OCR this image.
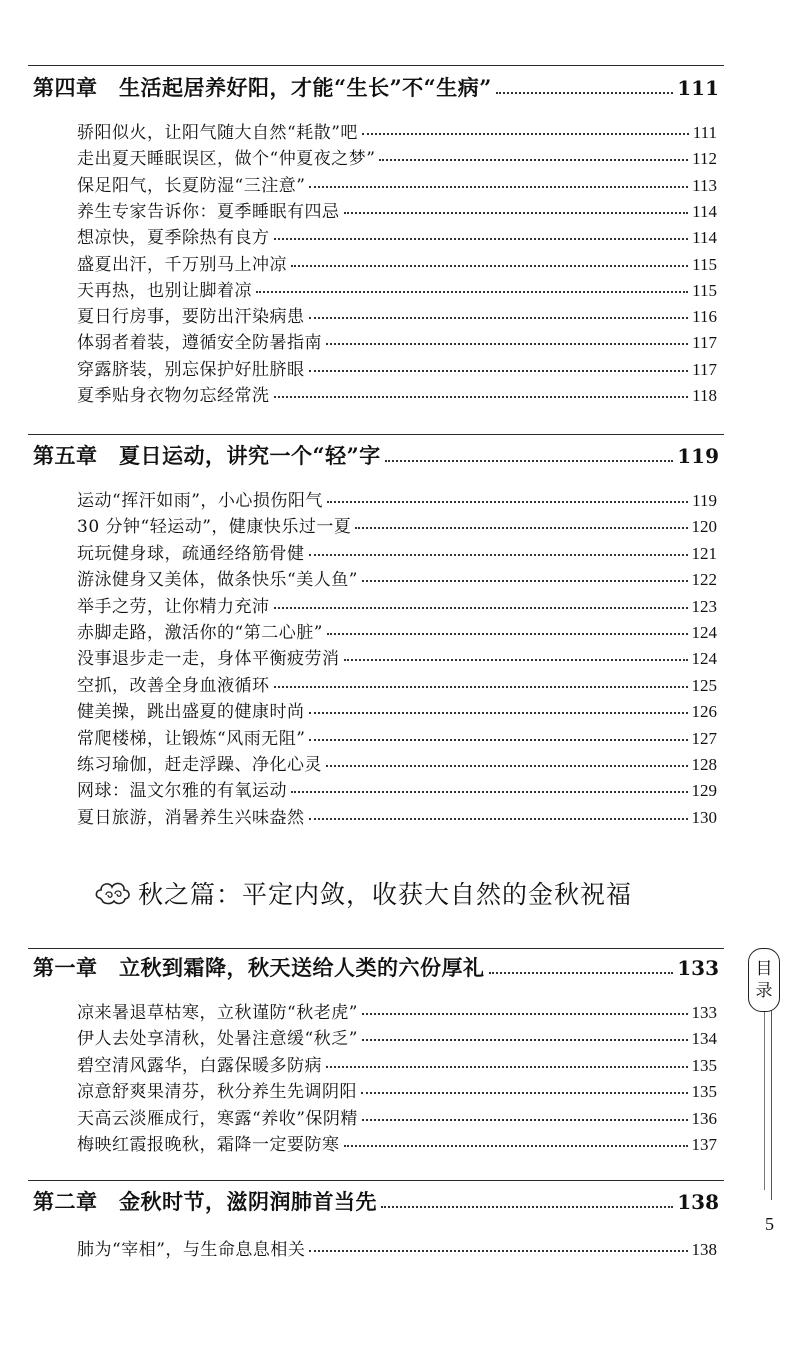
第四章　生活起居养好阳，才能“生长”不“生病”	111
骄阳似火，让阳气随大自然“耗散”吧	111
走出夏天睡眠误区，做个“仲夏夜之梦”	112
保足阳气，长夏防湿“三注意”	113
养生专家告诉你：夏季睡眠有四忌	114
想凉快，夏季除热有良方	114
盛夏出汗，千万别马上冲凉	115
天再热，也别让脚着凉	115
夏日行房事，要防出汗染病患	116
体弱者着装，遵循安全防暑指南	117
穿露脐装，别忘保护好肚脐眼	117
夏季贴身衣物勿忘经常洗	118
第五章　夏日运动，讲究一个“轻”字	119
运动“挥汗如雨”，小心损伤阳气	119
30 分钟“轻运动”，健康快乐过一夏	120
玩玩健身球，疏通经络筋骨健	121
游泳健身又美体，做条快乐“美人鱼”	122
举手之劳，让你精力充沛	123
赤脚走路，激活你的“第二心脏”	124
没事退步走一走，身体平衡疲劳消	124
空抓，改善全身血液循环	125
健美操，跳出盛夏的健康时尚	126
常爬楼梯，让锻炼“风雨无阻”	127
练习瑜伽，赶走浮躁、净化心灵	128
网球：温文尔雅的有氧运动	129
夏日旅游，消暑养生兴味盎然	130
秋之篇：平定内敛，收获大自然的金秋祝福
第一章　立秋到霜降，秋天送给人类的六份厚礼	133
凉来暑退草枯寒，立秋谨防“秋老虎”	133
伊人去处享清秋，处暑注意缓“秋乏”	134
碧空清风露华，白露保暖多防病	135
凉意舒爽果清芬，秋分养生先调阴阳	135
天高云淡雁成行，寒露“养收”保阴精	136
梅映红霞报晚秋，霜降一定要防寒	137
第二章　金秋时节，滋阴润肺首当先	138
肺为“宰相”，与生命息息相关	138
目
录
5
